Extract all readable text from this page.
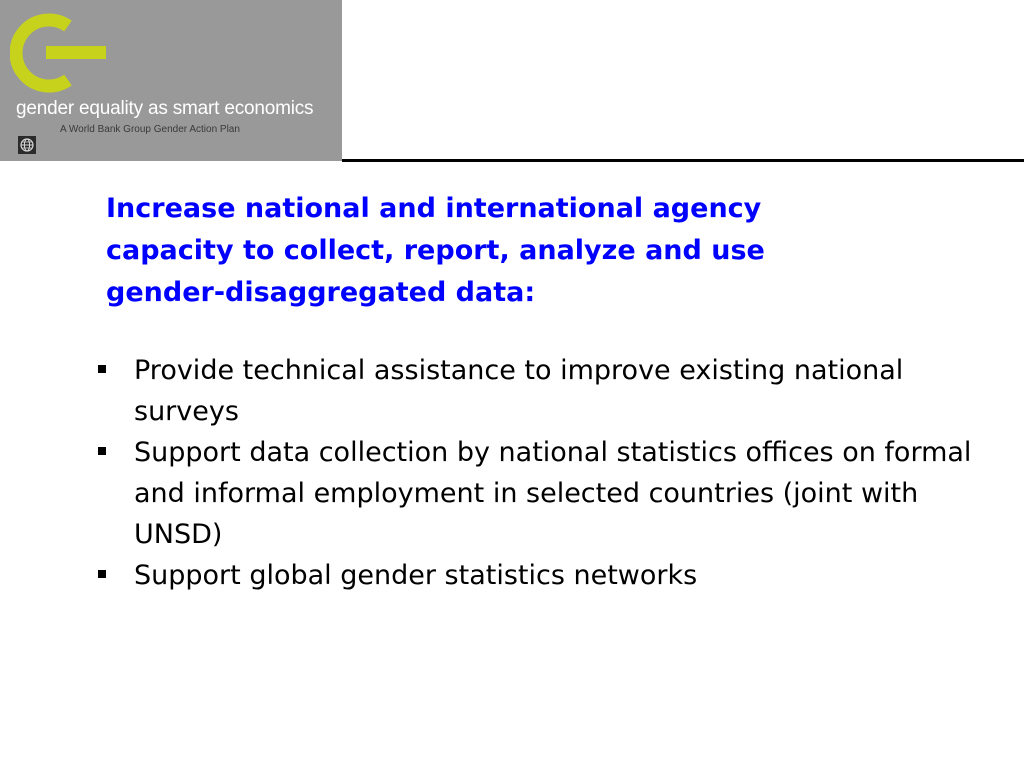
gender equality as smart economics
A World Bank Group Gender Action Plan
Increase national and international agency capacity to collect, report, analyze and use gender-disaggregated data:
Provide technical assistance to improve existing national surveys
Support data collection by national statistics offices on formal and informal employment in selected countries (joint with UNSD)
Support global gender statistics networks
